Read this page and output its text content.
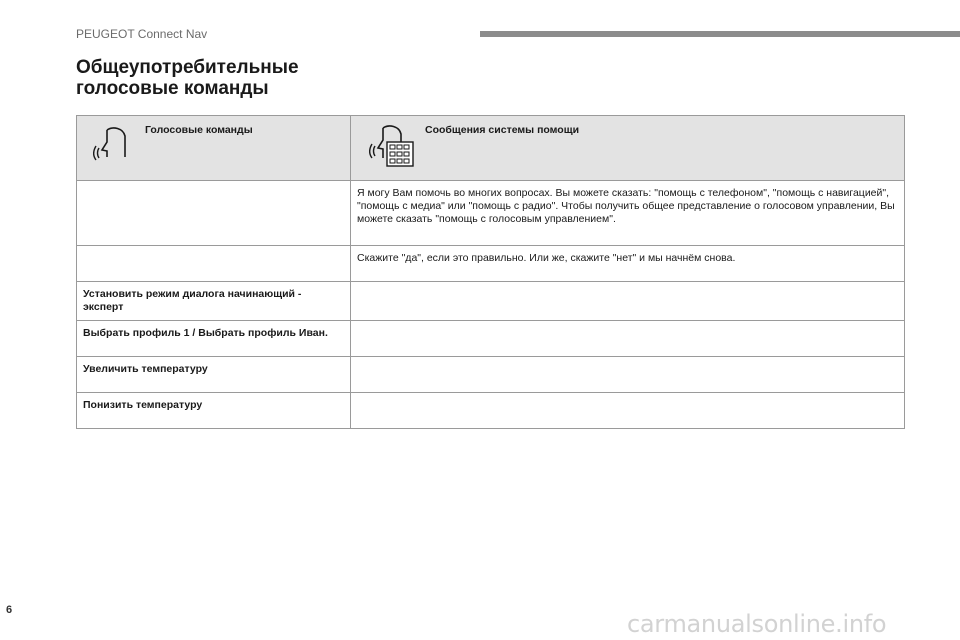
PEUGEOT Connect Nav
Общеупотребительные
голосовые команды
Голосовые команды	Сообщения системы помощи

	Я могу Вам помочь во многих вопросах. Вы можете сказать: "помощь с телефоном", "помощь с навигацией", "помощь с медиа" или "помощь с радио". Чтобы получить общее представление о голосовом управлении, Вы можете сказать "помощь с голосовым управлением".

	Скажите "да", если это правильно. Или же, скажите "нет" и мы начнём снова.

Установить режим диалога начинающий - эксперт	

Выбрать профиль 1 / Выбрать профиль Иван.	

Увеличить температуру	

Понизить температуру	

6	carmanualsonline.info
